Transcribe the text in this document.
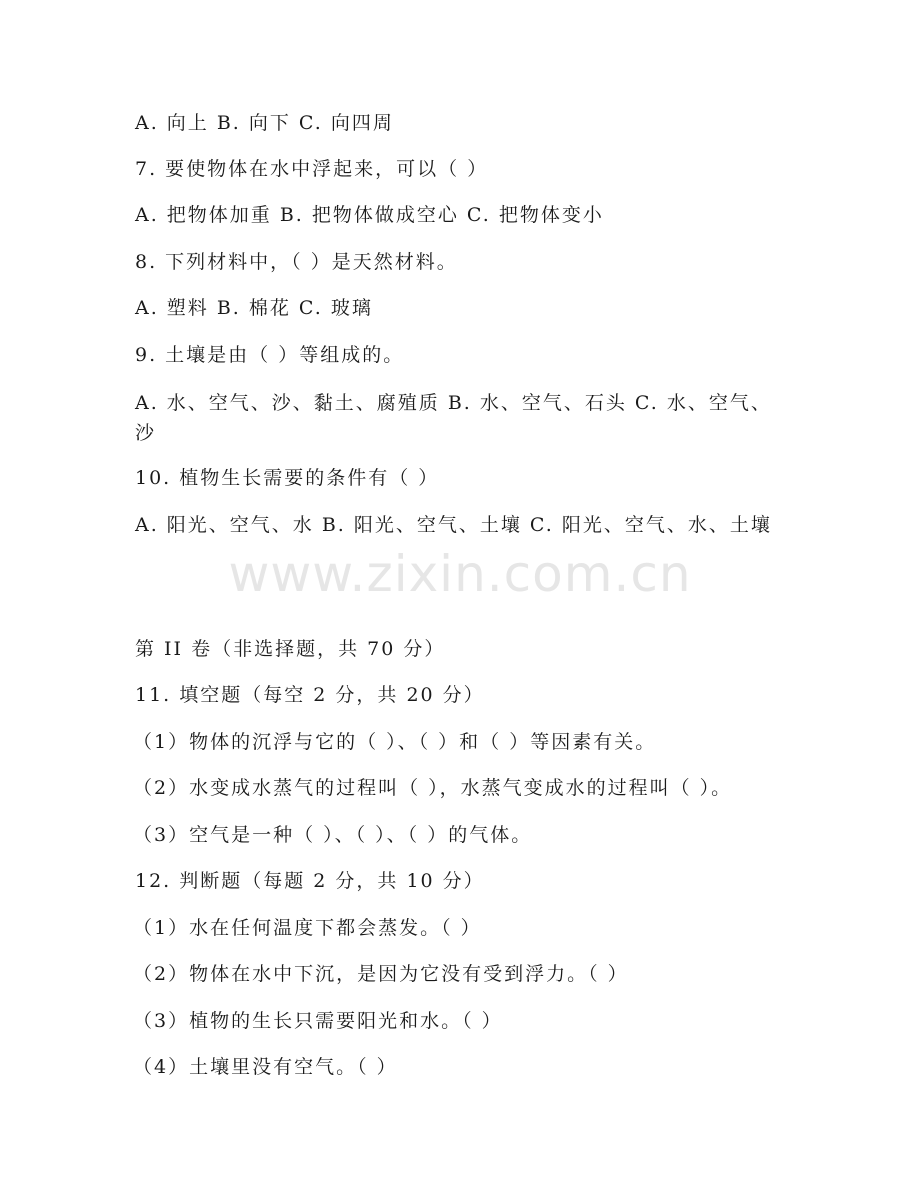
A. 向上 B. 向下 C. 向四周
7. 要使物体在水中浮起来，可以（ ）
A. 把物体加重 B. 把物体做成空心 C. 把物体变小
8. 下列材料中，（ ）是天然材料。
A. 塑料 B. 棉花 C. 玻璃
9. 土壤是由（ ）等组成的。
A. 水、空气、沙、黏土、腐殖质 B. 水、空气、石头 C. 水、空气、沙
10. 植物生长需要的条件有（ ）
A. 阳光、空气、水 B. 阳光、空气、土壤 C. 阳光、空气、水、土壤
www.zixin.com.cn
第 II 卷（非选择题，共 70 分）
11. 填空题（每空 2 分，共 20 分）
（1）物体的沉浮与它的（ ）、（ ）和（ ）等因素有关。
（2）水变成水蒸气的过程叫（ ），水蒸气变成水的过程叫（ ）。
（3）空气是一种（ ）、（ ）、（ ）的气体。
12. 判断题（每题 2 分，共 10 分）
（1）水在任何温度下都会蒸发。（ ）
（2）物体在水中下沉，是因为它没有受到浮力。（ ）
（3）植物的生长只需要阳光和水。（ ）
（4）土壤里没有空气。（ ）
